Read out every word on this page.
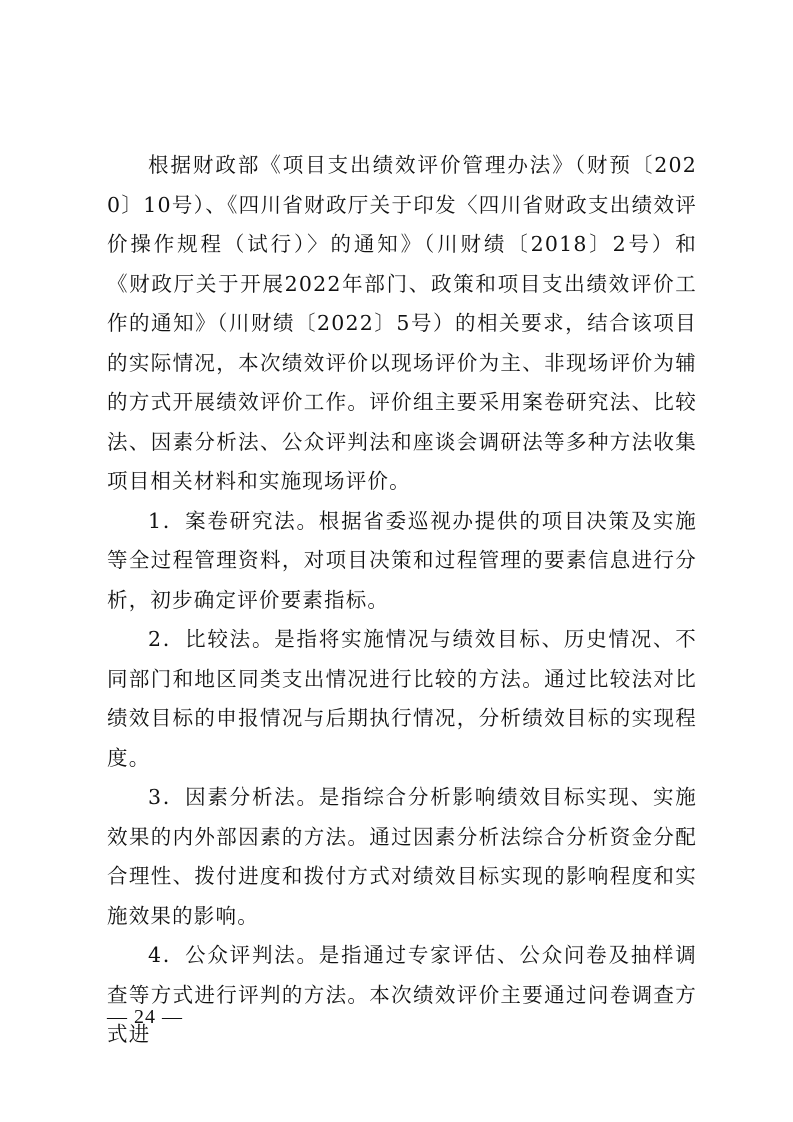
根据财政部《项目支出绩效评价管理办法》（财预〔2020〕10号）、《四川省财政厅关于印发〈四川省财政支出绩效评价操作规程（试行）〉的通知》（川财绩〔2018〕2号）和《财政厅关于开展2022年部门、政策和项目支出绩效评价工作的通知》（川财绩〔2022〕5号）的相关要求，结合该项目的实际情况，本次绩效评价以现场评价为主、非现场评价为辅的方式开展绩效评价工作。评价组主要采用案卷研究法、比较法、因素分析法、公众评判法和座谈会调研法等多种方法收集项目相关材料和实施现场评价。

1．案卷研究法。根据省委巡视办提供的项目决策及实施等全过程管理资料，对项目决策和过程管理的要素信息进行分析，初步确定评价要素指标。

2．比较法。是指将实施情况与绩效目标、历史情况、不同部门和地区同类支出情况进行比较的方法。通过比较法对比绩效目标的申报情况与后期执行情况，分析绩效目标的实现程度。

3．因素分析法。是指综合分析影响绩效目标实现、实施效果的内外部因素的方法。通过因素分析法综合分析资金分配合理性、拨付进度和拨付方式对绩效目标实现的影响程度和实施效果的影响。

4．公众评判法。是指通过专家评估、公众问卷及抽样调查等方式进行评判的方法。本次绩效评价主要通过问卷调查方式进

— 24 —
